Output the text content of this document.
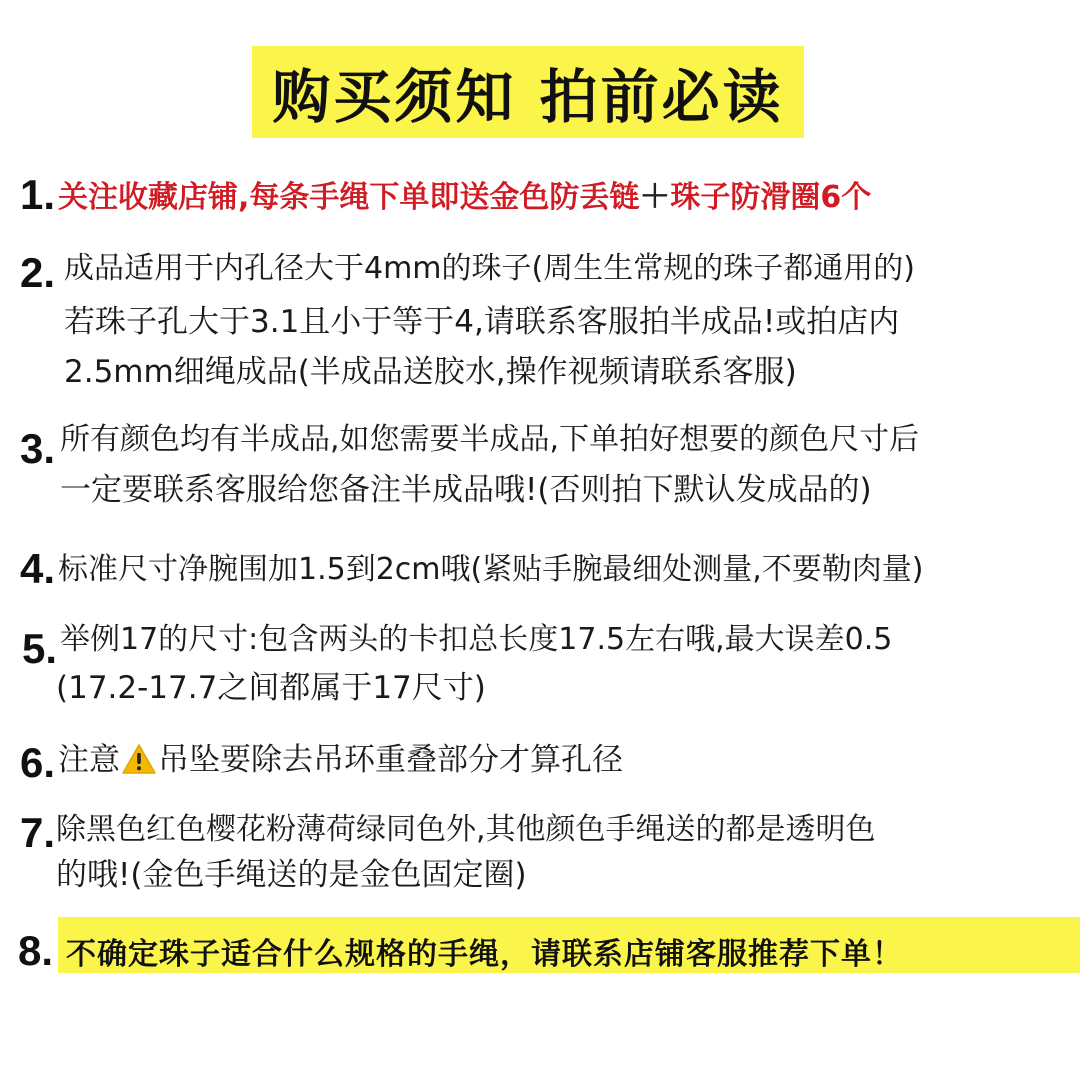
购买须知 拍前必读
1. 关注收藏店铺,每条手绳下单即送金色防丢链＋珠子防滑圈6个
2. 成品适用于内孔径大于4mm的珠子(周生生常规的珠子都通用的)
若珠子孔大于3.1且小于等于4,请联系客服拍半成品!或拍店内
2.5mm细绳成品(半成品送胶水,操作视频请联系客服)
3. 所有颜色均有半成品,如您需要半成品,下单拍好想要的颜色尺寸后
一定要联系客服给您备注半成品哦!(否则拍下默认发成品的)
4. 标准尺寸净腕围加1.5到2cm哦(紧贴手腕最细处测量,不要勒肉量)
5. 举例17的尺寸:包含两头的卡扣总长度17.5左右哦,最大误差0.5
(17.2-17.7之间都属于17尺寸)
6. 注意 吊坠要除去吊环重叠部分才算孔径
7. 除黑色红色樱花粉薄荷绿同色外,其他颜色手绳送的都是透明色
的哦!(金色手绳送的是金色固定圈)
8. 不确定珠子适合什么规格的手绳，请联系店铺客服推荐下单！
